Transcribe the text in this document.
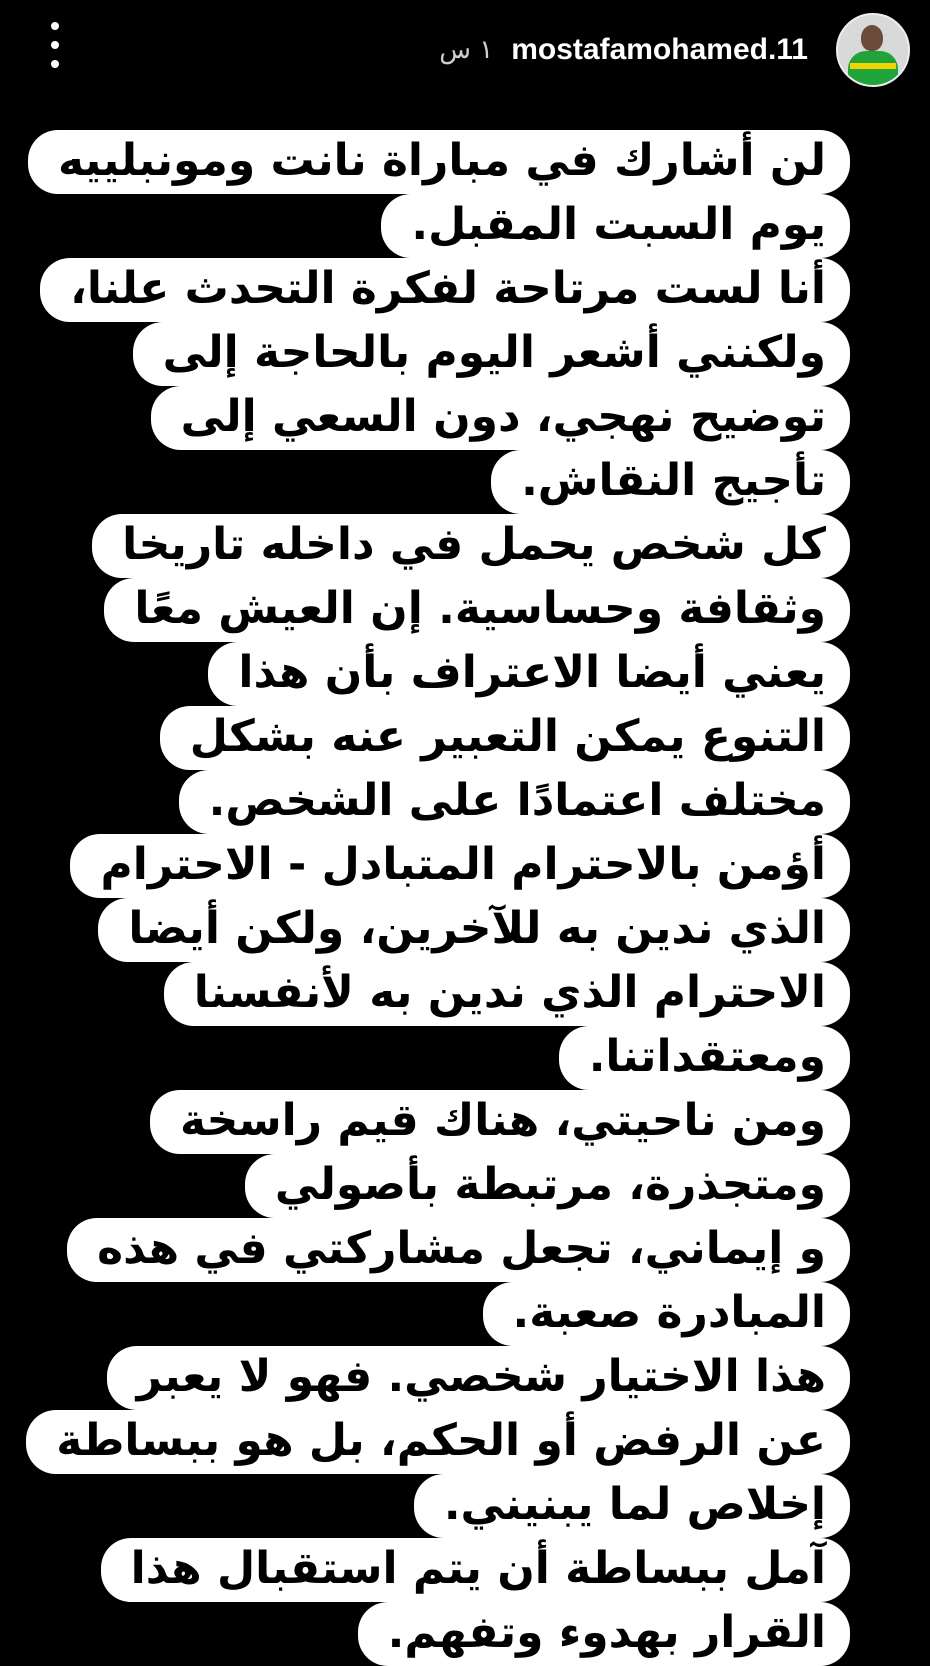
١ س mostafamohamed.11
لن أشارك في مباراة نانت ومونبلييه
يوم السبت المقبل.
أنا لست مرتاحة لفكرة التحدث علنا،
ولكنني أشعر اليوم بالحاجة إلى
توضيح نهجي، دون السعي إلى
تأجيج النقاش.
كل شخص يحمل في داخله تاريخا
وثقافة وحساسية. إن العيش معًا
يعني أيضا الاعتراف بأن هذا
التنوع يمكن التعبير عنه بشكل
مختلف اعتمادًا على الشخص.
أؤمن بالاحترام المتبادل - الاحترام
الذي ندين به للآخرين، ولكن أيضا
الاحترام الذي ندين به لأنفسنا
ومعتقداتنا.
ومن ناحيتي، هناك قيم راسخة
ومتجذرة، مرتبطة بأصولي
و إيماني، تجعل مشاركتي في هذه
المبادرة صعبة.
هذا الاختيار شخصي. فهو لا يعبر
عن الرفض أو الحكم، بل هو ببساطة
إخلاص لما يبنيني.
آمل ببساطة أن يتم استقبال هذا
القرار بهدوء وتفهم.
